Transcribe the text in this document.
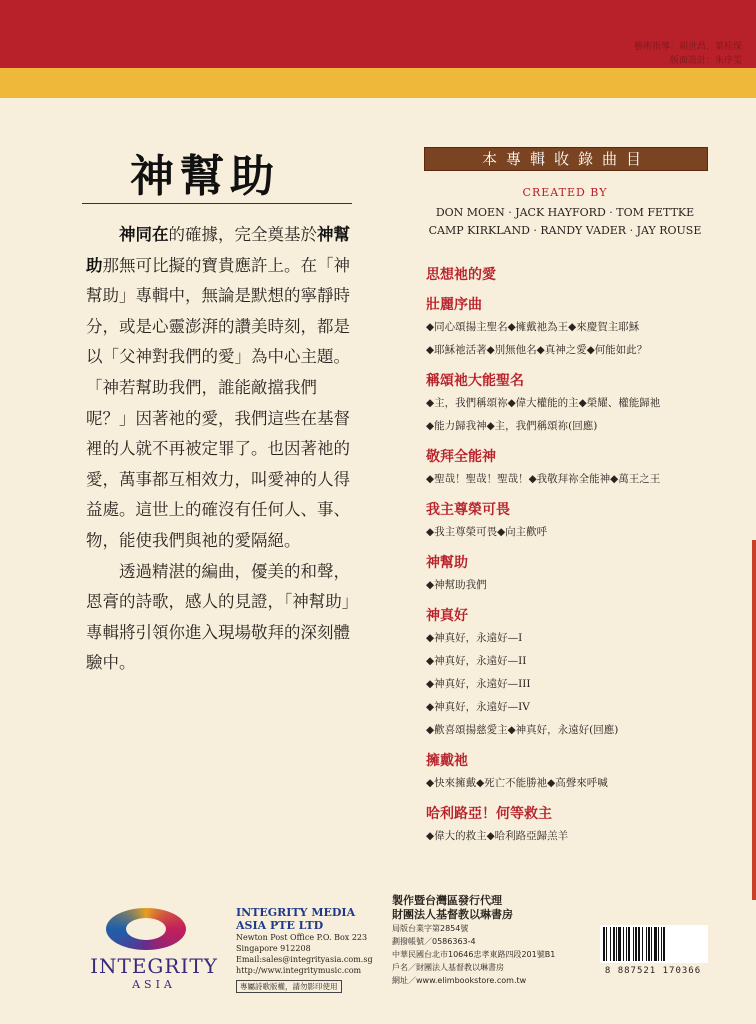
藝術指導：胡世昌．葉桂琛
版面設計：朱序雯
神幫助

　　神同在的確據，完全奠基於神幫助那無可比擬的寶貴應許上。在「神幫助」專輯中，無論是默想的寧靜時分，或是心靈澎湃的讚美時刻，都是以「父神對我們的愛」為中心主題。「神若幫助我們，誰能敵擋我們呢？」因著祂的愛，我們這些在基督裡的人就不再被定罪了。也因著祂的愛，萬事都互相效力，叫愛神的人得益處。這世上的確沒有任何人、事、物，能使我們與祂的愛隔絕。

　　透過精湛的編曲，優美的和聲，恩膏的詩歌，感人的見證，「神幫助」專輯將引領你進入現場敬拜的深刻體驗中。

本專輯收錄曲目
CREATED BY
DON MOEN · JACK HAYFORD · TOM FETTKE
CAMP KIRKLAND · RANDY VADER · JAY ROUSE
思想祂的愛
壯麗序曲
◆同心頌揚主聖名◆擁戴祂為王◆來慶賀主耶穌
◆耶穌祂活著◆別無他名◆真神之愛◆何能如此？
稱頌祂大能聖名
◆主，我們稱頌祢◆偉大權能的主◆榮耀、權能歸祂
◆能力歸我神◆主，我們稱頌祢(回應)
敬拜全能神
◆聖哉！聖哉！聖哉！◆我敬拜祢全能神◆萬王之王
我主尊榮可畏
◆我主尊榮可畏◆向主歡呼
神幫助
◆神幫助我們
神真好
◆神真好，永遠好—I
◆神真好，永遠好—II
◆神真好，永遠好—III
◆神真好，永遠好—IV
◆歡喜頌揚慈愛主◆神真好，永遠好(回應)
擁戴祂
◆快來擁戴◆死亡不能勝祂◆高聲來呼喊
哈利路亞！何等救主
◆偉大的救主◆哈利路亞歸羔羊
INTEGRITY
ASIA
INTEGRITY MEDIA
ASIA PTE LTD
Newton Post Office P.O. Box 223
Singapore 912208
Email:sales@integrityasia.com.sg
http://www.integritymusic.com
專屬詩歌版權，請勿影印使用
製作暨台灣區發行代理
財團法人基督教以琳書房
局版台業字第2854號
劃撥帳號／0586363-4
中華民國台北市10646忠孝東路四段201號B1
戶名／財團法人基督教以琳書房
網址／www.elimbookstore.com.tw
8 887521 170366
